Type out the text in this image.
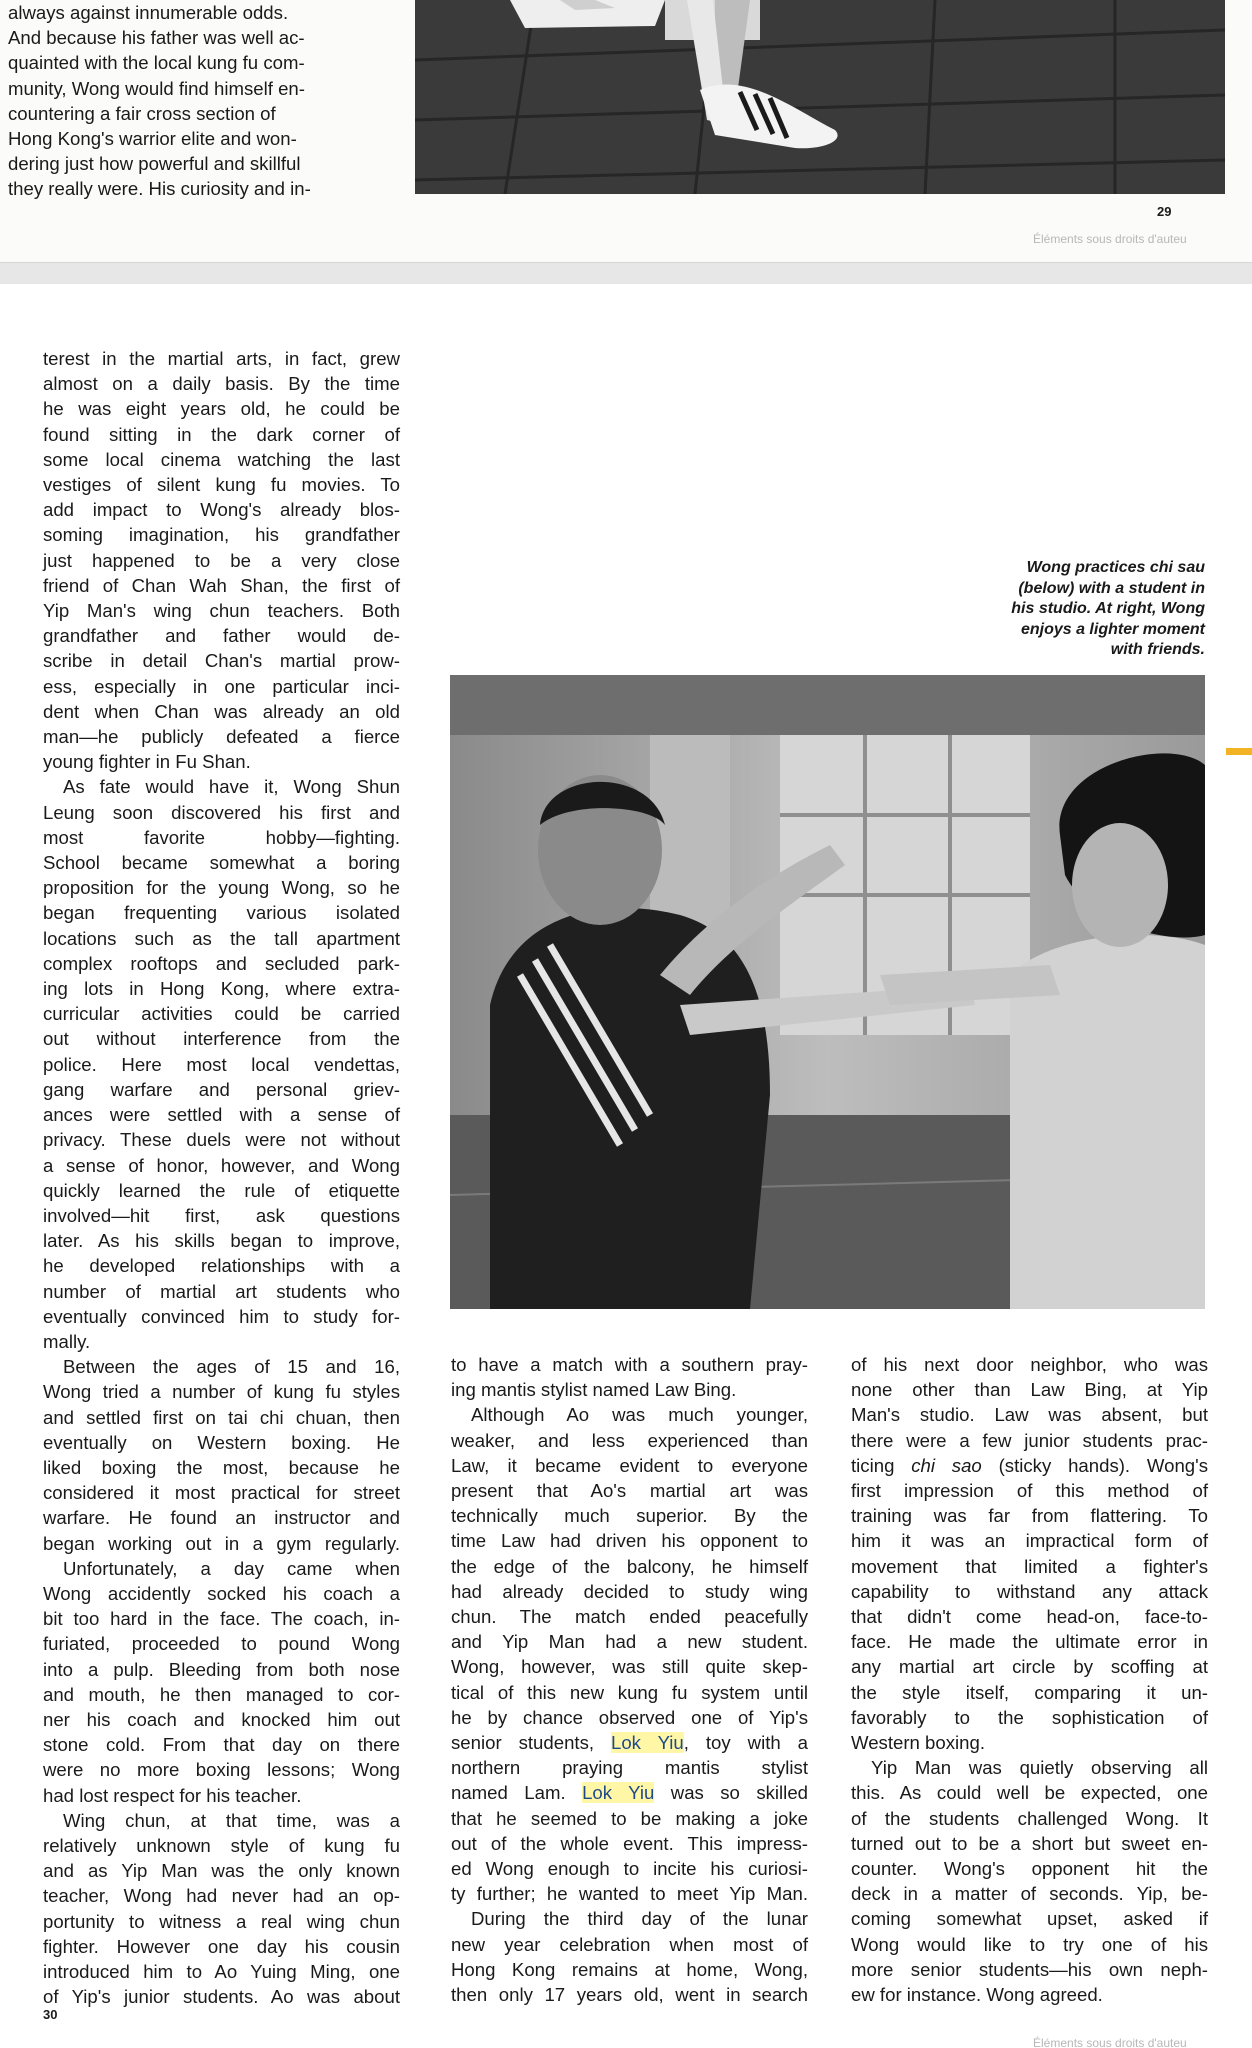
always against innumerable odds.

And because his father was well ac-

quainted with the local kung fu com-

munity, Wong would find himself en-

countering a fair cross section of

Hong Kong's warrior elite and won-

dering just how powerful and skillful

they really were. His curiosity and in-

29
Éléments sous droits d'auteu

terest in the martial arts, in fact, grew

almost on a daily basis. By the time

he was eight years old, he could be

found sitting in the dark corner of

some local cinema watching the last

vestiges of silent kung fu movies. To

add impact to Wong's already blos-

soming imagination, his grandfather

just happened to be a very close

friend of Chan Wah Shan, the first of

Yip Man's wing chun teachers. Both

grandfather and father would de-

scribe in detail Chan's martial prow-

ess, especially in one particular inci-

dent when Chan was already an old

man—he publicly defeated a fierce

young fighter in Fu Shan.

As fate would have it, Wong Shun

Leung soon discovered his first and

most favorite hobby—fighting.

School became somewhat a boring

proposition for the young Wong, so he

began frequenting various isolated

locations such as the tall apartment

complex rooftops and secluded park-

ing lots in Hong Kong, where extra-

curricular activities could be carried

out without interference from the

police. Here most local vendettas,

gang warfare and personal griev-

ances were settled with a sense of

privacy. These duels were not without

a sense of honor, however, and Wong

quickly learned the rule of etiquette

involved—hit first, ask questions

later. As his skills began to improve,

he developed relationships with a

number of martial art students who

eventually convinced him to study for-

mally.

Between the ages of 15 and 16,

Wong tried a number of kung fu styles

and settled first on tai chi chuan, then

eventually on Western boxing. He

liked boxing the most, because he

considered it most practical for street

warfare. He found an instructor and

began working out in a gym regularly.

Unfortunately, a day came when

Wong accidently socked his coach a

bit too hard in the face. The coach, in-

furiated, proceeded to pound Wong

into a pulp. Bleeding from both nose

and mouth, he then managed to cor-

ner his coach and knocked him out

stone cold. From that day on there

were no more boxing lessons; Wong

had lost respect for his teacher.

Wing chun, at that time, was a

relatively unknown style of kung fu

and as Yip Man was the only known

teacher, Wong had never had an op-

portunity to witness a real wing chun

fighter. However one day his cousin

introduced him to Ao Yuing Ming, one

of Yip's junior students. Ao was about

Wong practices chi sau

(below) with a student in

his studio. At right, Wong

enjoys a lighter moment

with friends.

to have a match with a southern pray-

ing mantis stylist named Law Bing.

Although Ao was much younger,

weaker, and less experienced than

Law, it became evident to everyone

present that Ao's martial art was

technically much superior. By the

time Law had driven his opponent to

the edge of the balcony, he himself

had already decided to study wing

chun. The match ended peacefully

and Yip Man had a new student.

Wong, however, was still quite skep-

tical of this new kung fu system until

he by chance observed one of Yip's

senior students, Lok Yiu, toy with a

northern praying mantis stylist

named Lam. Lok Yiu was so skilled

that he seemed to be making a joke

out of the whole event. This impress-

ed Wong enough to incite his curiosi-

ty further; he wanted to meet Yip Man.

During the third day of the lunar

new year celebration when most of

Hong Kong remains at home, Wong,

then only 17 years old, went in search

of his next door neighbor, who was

none other than Law Bing, at Yip

Man's studio. Law was absent, but

there were a few junior students prac-

ticing chi sao (sticky hands). Wong's

first impression of this method of

training was far from flattering. To

him it was an impractical form of

movement that limited a fighter's

capability to withstand any attack

that didn't come head-on, face-to-

face. He made the ultimate error in

any martial art circle by scoffing at

the style itself, comparing it un-

favorably to the sophistication of

Western boxing.

Yip Man was quietly observing all

this. As could well be expected, one

of the students challenged Wong. It

turned out to be a short but sweet en-

counter. Wong's opponent hit the

deck in a matter of seconds. Yip, be-

coming somewhat upset, asked if

Wong would like to try one of his

more senior students—his own neph-

ew for instance. Wong agreed.

30
Éléments sous droits d'auteu
